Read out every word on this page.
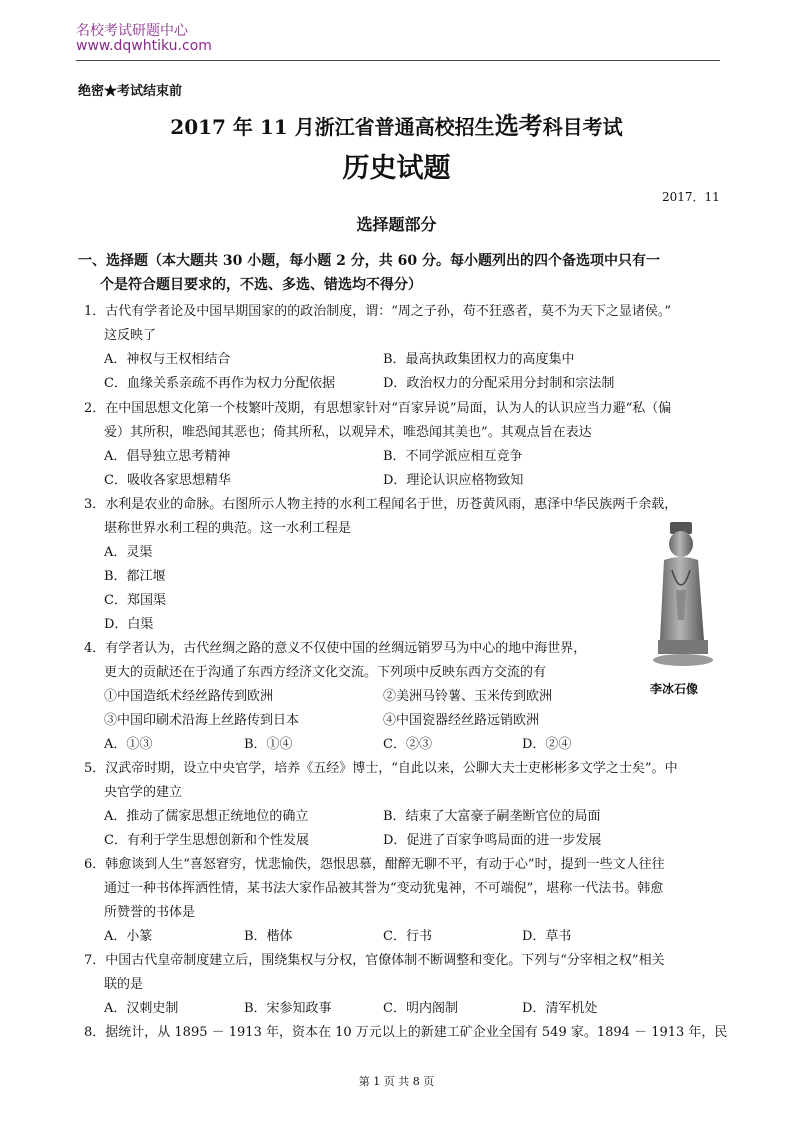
名校考试研题中心
www.dqwhtiku.com
绝密★考试结束前
2017 年 11 月浙江省普通高校招生选考科目考试
历史试题
2017．11
选择题部分
一、选择题（本大题共 30 小题，每小题 2 分，共 60 分。每小题列出的四个备选项中只有一
个是符合题目要求的，不选、多选、错选均不得分）
1．古代有学者论及中国早期国家的的政治制度，谓：“周之子孙，苟不狂惑者，莫不为天下之显诸侯。”
这反映了
A．神权与王权相结合	B．最高执政集团权力的高度集中
C．血缘关系亲疏不再作为权力分配依据	D．政治权力的分配采用分封制和宗法制
2．在中国思想文化第一个枝繁叶茂期，有思想家针对“百家异说”局面，认为人的认识应当力避“私（偏
爱）其所积，唯恐闻其恶也；倚其所私，以观异术，唯恐闻其美也”。其观点旨在表达
A．倡导独立思考精神	B．不同学派应相互竞争
C．吸收各家思想精华	D．理论认识应格物致知
3．水利是农业的命脉。右图所示人物主持的水利工程闻名于世，历苍黄风雨，惠泽中华民族两千余载，
堪称世界水利工程的典范。这一水利工程是
A．灵渠
B．都江堰
C．郑国渠
D．白渠
4．有学者认为，古代丝绸之路的意义不仅使中国的丝绸远销罗马为中心的地中海世界，
更大的贡献还在于沟通了东西方经济文化交流。下列项中反映东西方交流的有
李冰石像
①中国造纸术经丝路传到欧洲	②美洲马铃薯、玉米传到欧洲
③中国印刷术沿海上丝路传到日本	④中国瓷器经丝路远销欧洲
A．①③	B．①④	C．②③	D．②④
5．汉武帝时期，设立中央官学，培养《五经》博士，“自此以来，公聊大夫士吏彬彬多文学之士矣”。中
央官学的建立
A．推动了儒家思想正统地位的确立	B．结束了大富豪子嗣垄断官位的局面
C．有利于学生思想创新和个性发展	D．促进了百家争鸣局面的进一步发展
6．韩愈谈到人生“喜怒窘穷，忧悲愉佚，怨恨思慕，酣醉无聊不平，有动于心”时，提到一些文人往往
通过一种书体挥洒性情，某书法大家作品被其誉为“变动犹鬼神，不可端倪”，堪称一代法书。韩愈
所赞誉的书体是
A．小篆	B．楷体	C．行书	D．草书
7．中国古代皇帝制度建立后，围绕集权与分权，官僚体制不断调整和变化。下列与“分宰相之权”相关
联的是
A．汉刺史制	B．宋参知政事	C．明内阁制	D．清军机处
8．据统计，从 1895 － 1913 年，资本在 10 万元以上的新建工矿企业全国有 549 家。1894 － 1913 年，民
第 1 页 共 8 页
